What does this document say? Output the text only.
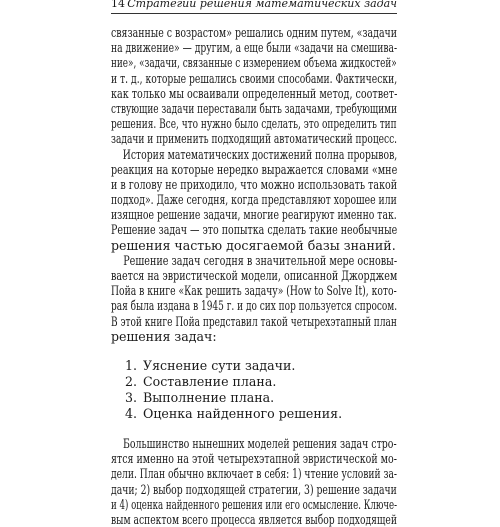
14 Стратегии решения математических задач
связанные с возрастом» решались одним путем, «задачи
на движение» — другим, а еще были «задачи на смешива-
ние», «задачи, связанные с измерением объема жидкостей»
и т. д., которые решались своими способами. Фактически,
как только мы осваивали определенный метод, соответ-
ствующие задачи переставали быть задачами, требующими
решения. Все, что нужно было сделать, это определить тип
задачи и применить подходящий автоматический процесс.
История математических достижений полна прорывов,
реакция на которые нередко выражается словами «мне
и в голову не приходило, что можно использовать такой
подход». Даже сегодня, когда представляют хорошее или
изящное решение задачи, многие реагируют именно так.
Решение задач — это попытка сделать такие необычные
решения частью досягаемой базы знаний.
Решение задач сегодня в значительной мере основы-
вается на эвристической модели, описанной Джорджем
Пойа в книге «Как решить задачу» (How to Solve It), кото-
рая была издана в 1945 г. и до сих пор пользуется спросом.
В этой книге Пойа представил такой четырехэтапный план
решения задач:
1. Уяснение сути задачи.
2. Составление плана.
3. Выполнение плана.
4. Оценка найденного решения.
Большинство нынешних моделей решения задач стро-
ятся именно на этой четырехэтапной эвристической мо-
дели. План обычно включает в себя: 1) чтение условий за-
дачи; 2) выбор подходящей стратегии, 3) решение задачи
и 4) оценка найденного решения или его осмысление. Ключе-
вым аспектом всего процесса является выбор подходящей
